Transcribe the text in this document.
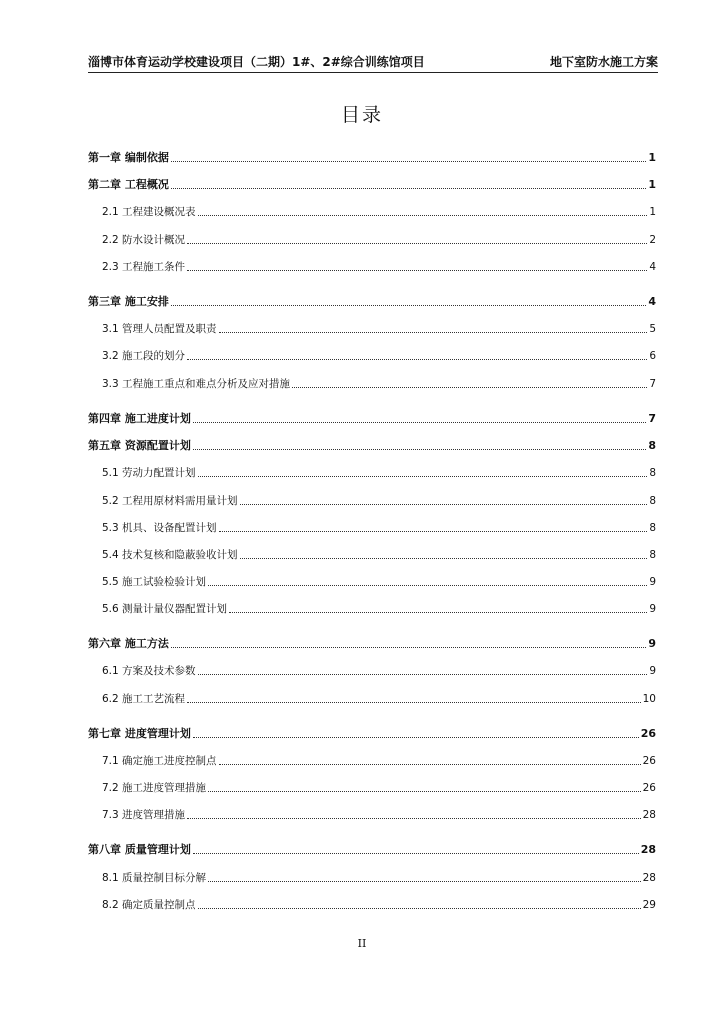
淄博市体育运动学校建设项目（二期）1#、2#综合训练馆项目	地下室防水施工方案
目录
第一章 编制依据	1
第二章 工程概况	1
2.1 工程建设概况表	1
2.2 防水设计概况	2
2.3 工程施工条件	4
第三章 施工安排	4
3.1 管理人员配置及职责	5
3.2 施工段的划分	6
3.3 工程施工重点和难点分析及应对措施	7
第四章 施工进度计划	7
第五章 资源配置计划	8
5.1 劳动力配置计划	8
5.2 工程用原材料需用量计划	8
5.3 机具、设备配置计划	8
5.4 技术复核和隐蔽验收计划	8
5.5 施工试验检验计划	9
5.6 测量计量仪器配置计划	9
第六章 施工方法	9
6.1 方案及技术参数	9
6.2 施工工艺流程	10
第七章 进度管理计划	26
7.1 确定施工进度控制点	26
7.2 施工进度管理措施	26
7.3 进度管理措施	28
第八章 质量管理计划	28
8.1 质量控制目标分解	28
8.2 确定质量控制点	29
II
